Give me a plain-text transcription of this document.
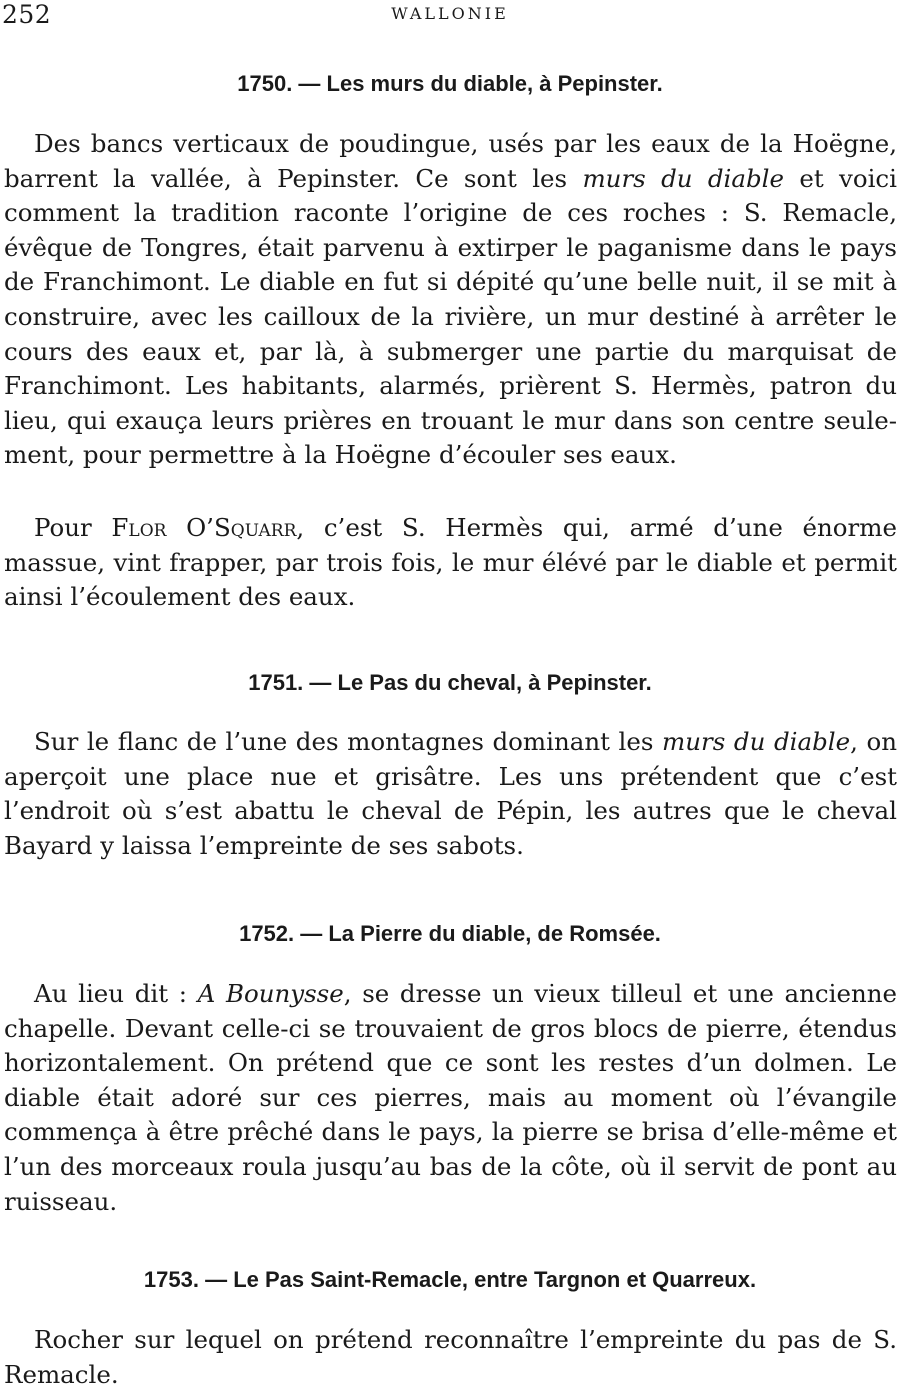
252	WALLONIE
1750. — Les murs du diable, à Pepinster.

Des bancs verticaux de poudingue, usés par les eaux de la Hoëgne, barrent la vallée, à Pepinster. Ce sont les murs du diable et voici comment la tradition raconte l’origine de ces roches : S. Remacle, évêque de Tongres, était parvenu à extirper le paganisme dans le pays de Franchimont. Le diable en fut si dépité qu’une belle nuit, il se mit à construire, avec les cailloux de la rivière, un mur destiné à arrêter le cours des eaux et, par là, à submerger une partie du marquisat de Franchimont. Les habitants, alarmés, prièrent S. Hermès, patron du lieu, qui exauça leurs prières en trouant le mur dans son centre seulement, pour permettre à la Hoëgne d’écouler ses eaux.

Pour Flor O’Squarr, c’est S. Hermès qui, armé d’une énorme massue, vint frapper, par trois fois, le mur élévé par le diable et permit ainsi l’écoulement des eaux.

1751. — Le Pas du cheval, à Pepinster.

Sur le flanc de l’une des montagnes dominant les murs du diable, on aperçoit une place nue et grisâtre. Les uns prétendent que c’est l’endroit où s’est abattu le cheval de Pépin, les autres que le cheval Bayard y laissa l’empreinte de ses sabots.

1752. — La Pierre du diable, de Romsée.

Au lieu dit : A Bounysse, se dresse un vieux tilleul et une ancienne chapelle. Devant celle-ci se trouvaient de gros blocs de pierre, étendus horizontalement. On prétend que ce sont les restes d’un dolmen. Le diable était adoré sur ces pierres, mais au moment où l’évangile commença à être prêché dans le pays, la pierre se brisa d’elle-même et l’un des morceaux roula jusqu’au bas de la côte, où il servit de pont au ruisseau.

1753. — Le Pas Saint-Remacle, entre Targnon et Quarreux.

Rocher sur lequel on prétend reconnaître l’empreinte du pas de S. Remacle.
